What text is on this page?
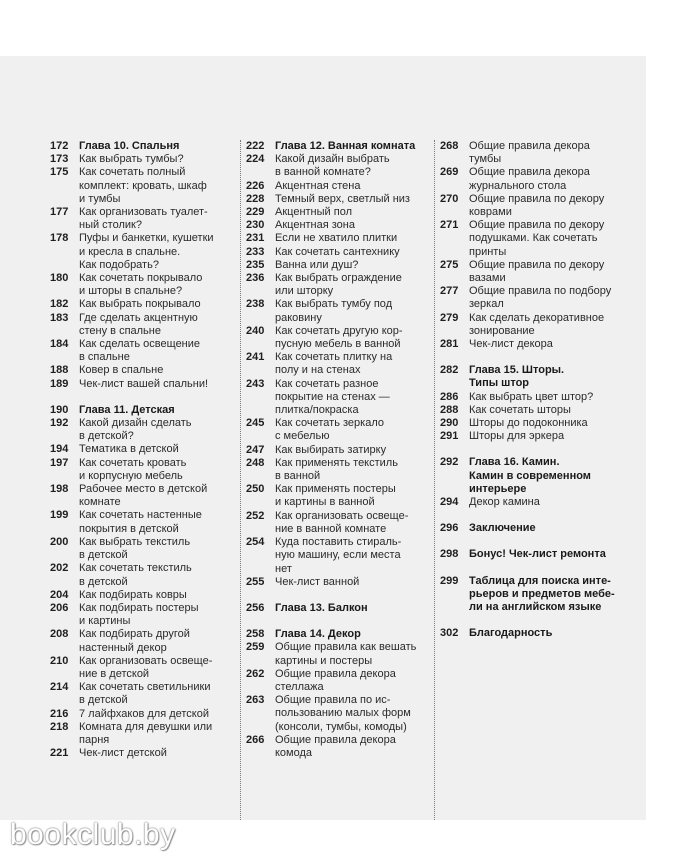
172 Глава 10. Спальня
173 Как выбрать тумбы?
175 Как сочетать полный
комплект: кровать, шкаф
и тумбы
177 Как организовать туалет-
ный столик?
178 Пуфы и банкетки, кушетки
и кресла в спальне.
Как подобрать?
180 Как сочетать покрывало
и шторы в спальне?
182 Как выбрать покрывало
183 Где сделать акцентную
стену в спальне
184 Как сделать освещение
в спальне
188 Ковер в спальне
189 Чек-лист вашей спальни!
190 Глава 11. Детская
192 Какой дизайн сделать
в детской?
194 Тематика в детской
197 Как сочетать кровать
и корпусную мебель
198 Рабочее место в детской
комнате
199 Как сочетать настенные
покрытия в детской
200 Как выбрать текстиль
в детской
202 Как сочетать текстиль
в детской
204 Как подбирать ковры
206 Как подбирать постеры
и картины
208 Как подбирать другой
настенный декор
210 Как организовать освеще-
ние в детской
214 Как сочетать светильники
в детской
216 7 лайфхаков для детской
218 Комната для девушки или
парня
221 Чек-лист детской
222 Глава 12. Ванная комната
224 Какой дизайн выбрать
в ванной комнате?
226 Акцентная стена
228 Темный верх, светлый низ
229 Акцентный пол
230 Акцентная зона
231 Если не хватило плитки
233 Как сочетать сантехнику
235 Ванна или душ?
236 Как выбрать ограждение
или шторку
238 Как выбрать тумбу под
раковину
240 Как сочетать другую кор-
пусную мебель в ванной
241 Как сочетать плитку на
полу и на стенах
243 Как сочетать разное
покрытие на стенах —
плитка/покраска
245 Как сочетать зеркало
с мебелью
247 Как выбирать затирку
248 Как применять текстиль
в ванной
250 Как применять постеры
и картины в ванной
252 Как организовать освеще-
ние в ванной комнате
254 Куда поставить стираль-
ную машину, если места
нет
255 Чек-лист ванной
256 Глава 13. Балкон
258 Глава 14. Декор
259 Общие правила как вешать
картины и постеры
262 Общие правила декора
стеллажа
263 Общие правила по ис-
пользованию малых форм
(консоли, тумбы, комоды)
266 Общие правила декора
комода
268 Общие правила декора
тумбы
269 Общие правила декора
журнального стола
270 Общие правила по декору
коврами
271 Общие правила по декору
подушками. Как сочетать
принты
275 Общие правила по декору
вазами
277 Общие правила по подбору
зеркал
279 Как сделать декоративное
зонирование
281 Чек-лист декора
282 Глава 15. Шторы.
Типы штор
286 Как выбрать цвет штор?
288 Как сочетать шторы
290 Шторы до подоконника
291 Шторы для эркера
292 Глава 16. Камин.
Камин в современном
интерьере
294 Декор камина
296 Заключение
298 Бонус! Чек-лист ремонта
299 Таблица для поиска инте-
рьеров и предметов мебе-
ли на английском языке
302 Благодарность
bookclub.by
